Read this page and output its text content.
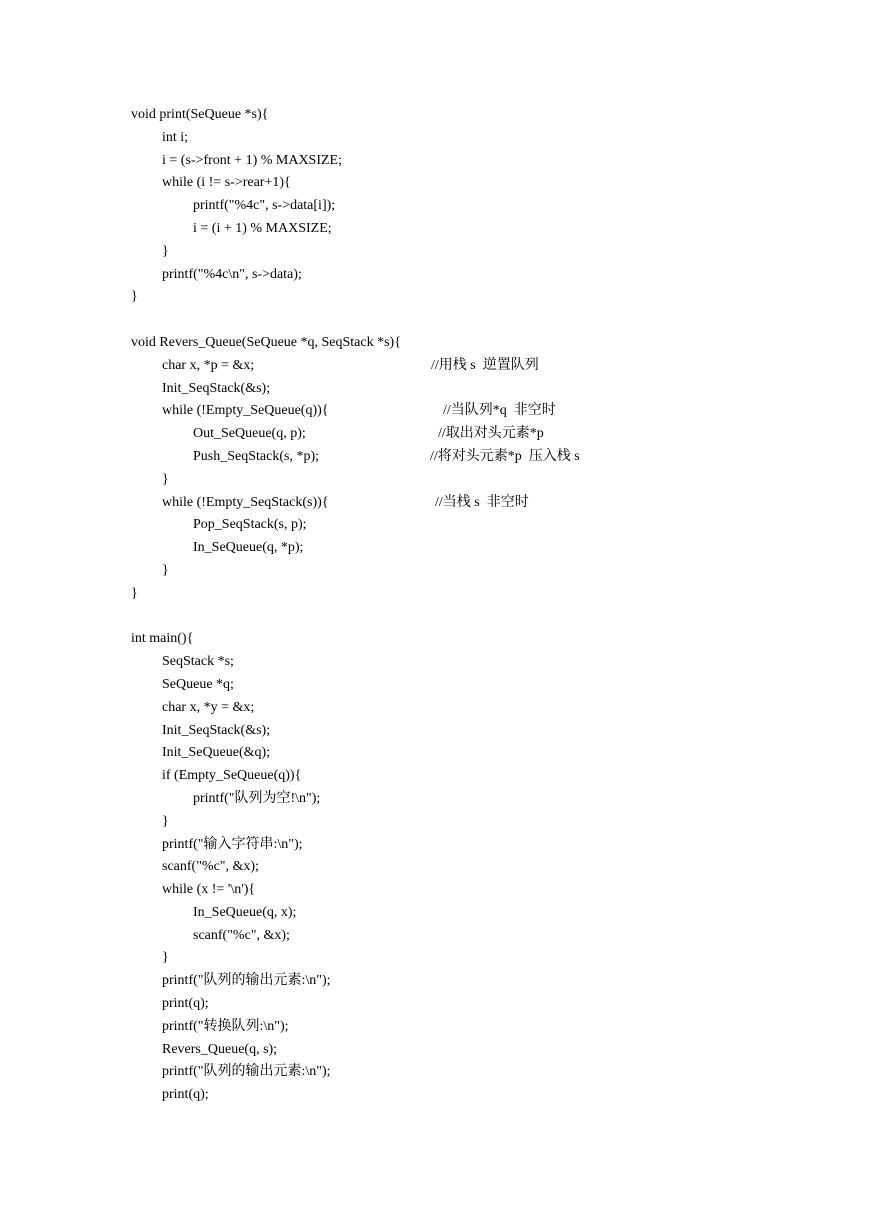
void print(SeQueue *s){
int i;
i = (s->front + 1) % MAXSIZE;
while (i != s->rear+1){
printf("%4c", s->data[i]);
i = (i + 1) % MAXSIZE;
}
printf("%4c\n", s->data);
}
void Revers_Queue(SeQueue *q, SeqStack *s){
char x, *p = &x;	//用栈 s  逆置队列
Init_SeqStack(&s);
while (!Empty_SeQueue(q)){	//当队列*q  非空时
Out_SeQueue(q, p);	//取出对头元素*p
Push_SeqStack(s, *p);	//将对头元素*p  压入栈 s
}
while (!Empty_SeqStack(s)){	//当栈 s  非空时
Pop_SeqStack(s, p);
In_SeQueue(q, *p);
}
}
int main(){
SeqStack *s;
SeQueue *q;
char x, *y = &x;
Init_SeqStack(&s);
Init_SeQueue(&q);
if (Empty_SeQueue(q)){
printf("队列为空!\n");
}
printf("输入字符串:\n");
scanf("%c", &x);
while (x != '\n'){
In_SeQueue(q, x);
scanf("%c", &x);
}
printf("队列的输出元素:\n");
print(q);
printf("转换队列:\n");
Revers_Queue(q, s);
printf("队列的输出元素:\n");
print(q);
